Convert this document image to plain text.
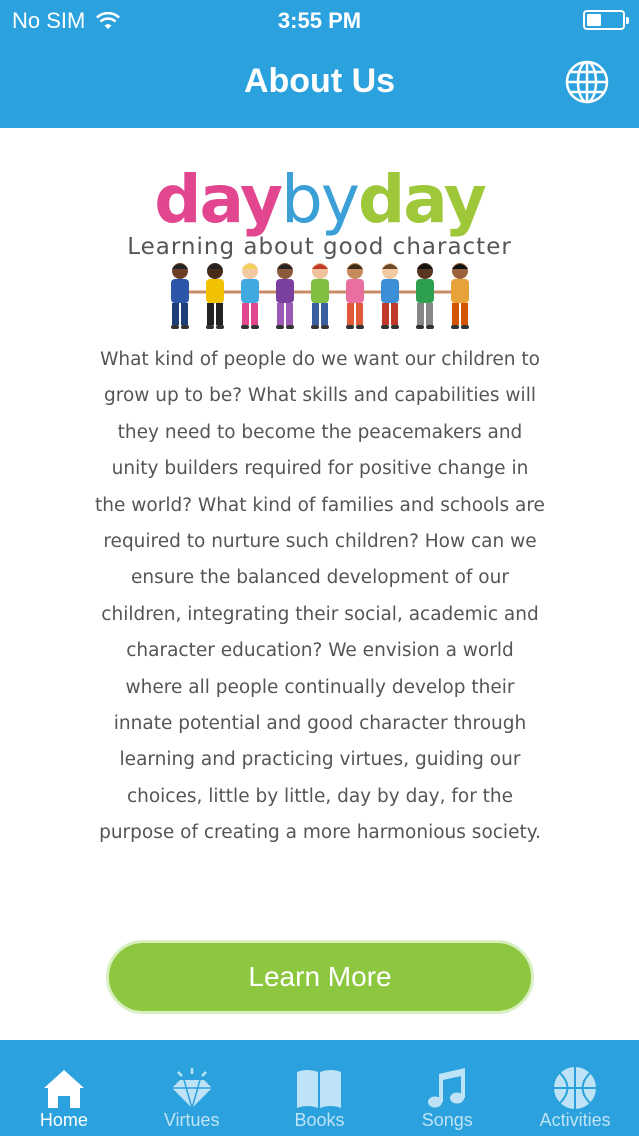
No SIM	3:55 PM
About Us
daybyday
Learning about good character
What kind of people do we want our children to grow up to be? What skills and capabilities will they need to become the peacemakers and unity builders required for positive change in the world? What kind of families and schools are required to nurture such children? How can we ensure the balanced development of our children, integrating their social, academic and character education? We envision a world where all people continually develop their innate potential and good character through learning and practicing virtues, guiding our choices, little by little, day by day, for the purpose of creating a more harmonious society.
Learn More
Home	Virtues	Books	Songs	Activities
